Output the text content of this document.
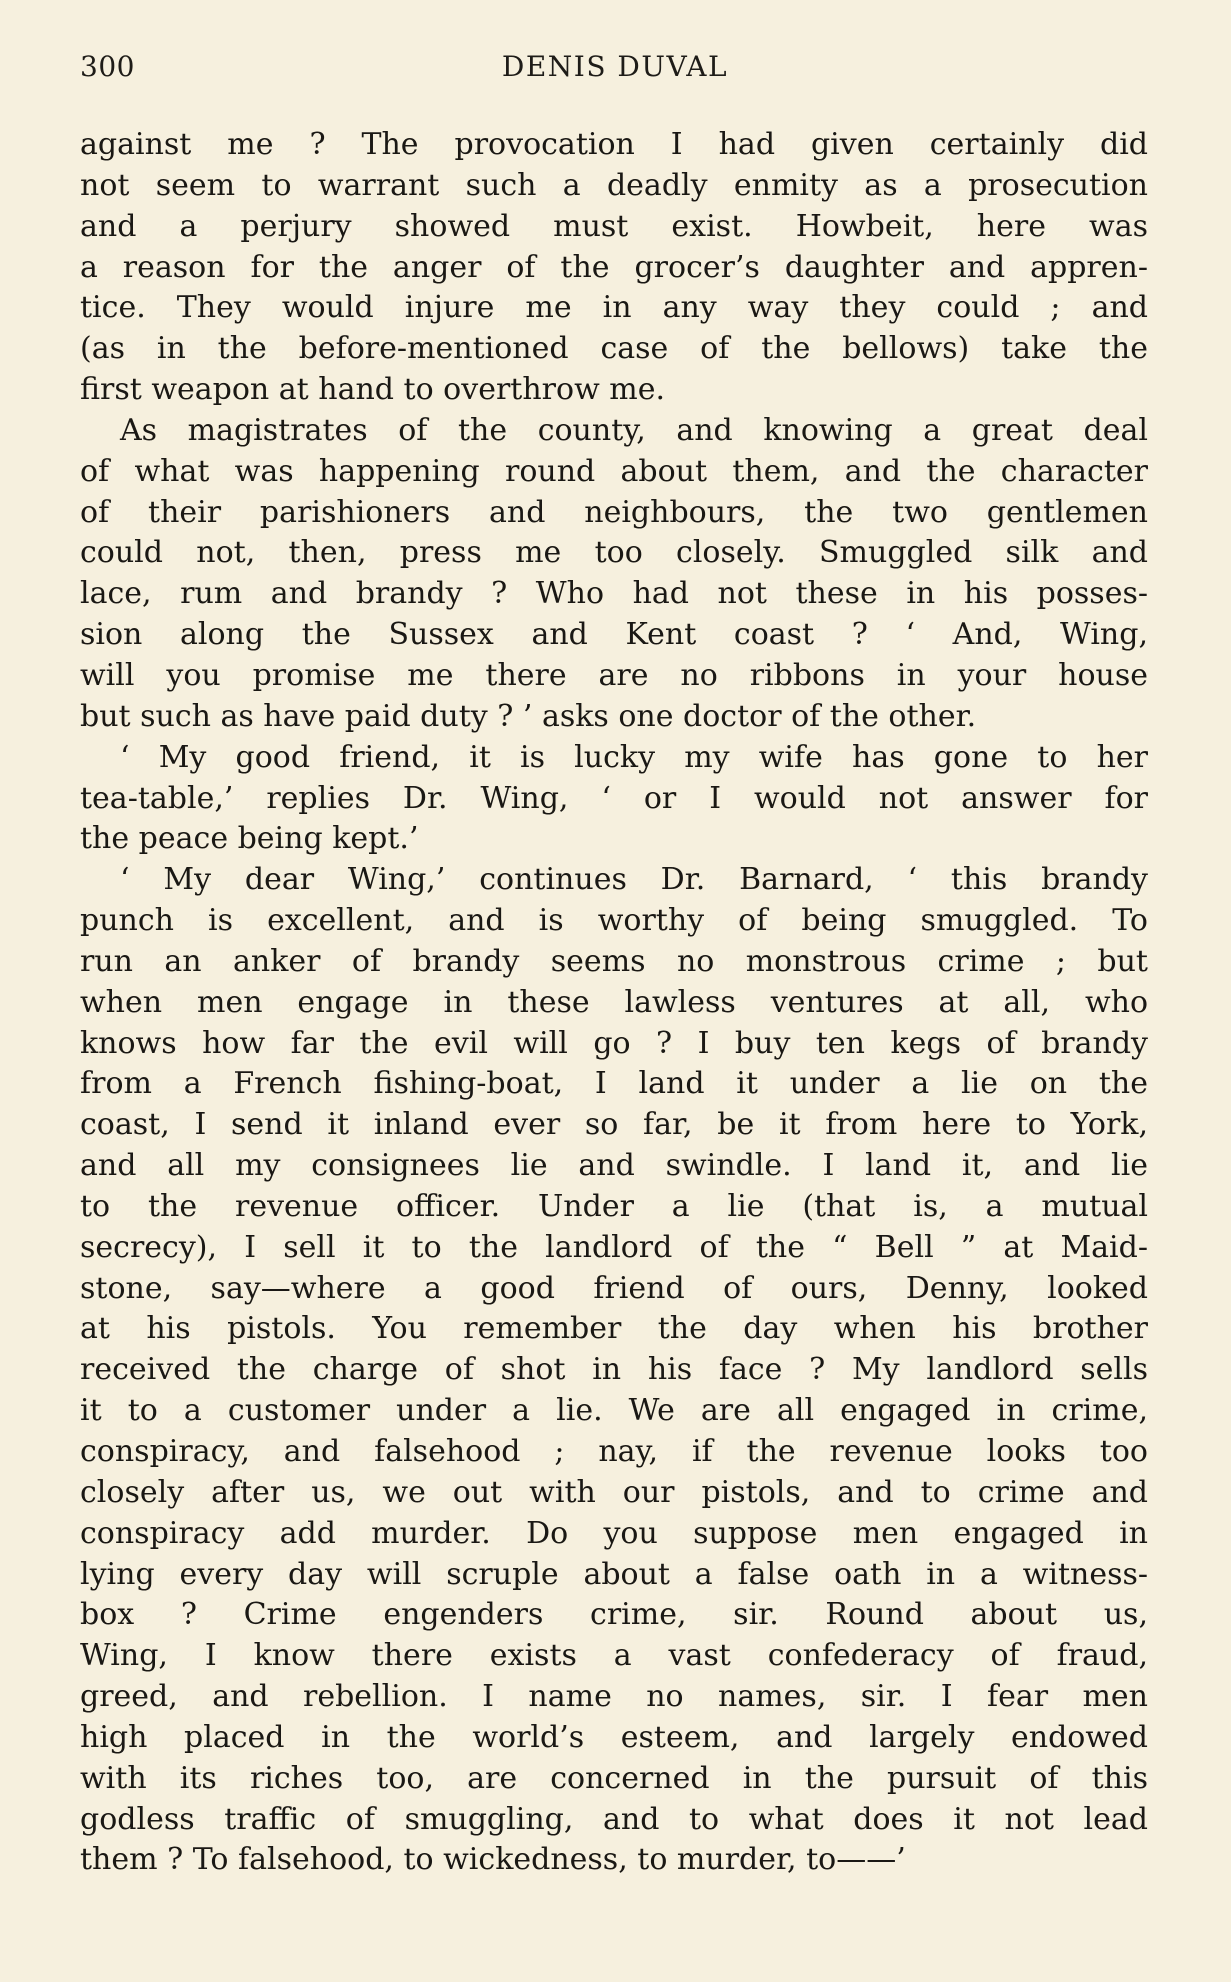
300	DENIS DUVAL
against me ? The provocation I had given certainly did
not seem to warrant such a deadly enmity as a prosecution
and a perjury showed must exist. Howbeit, here was
a reason for the anger of the grocer’s daughter and appren-
tice. They would injure me in any way they could ; and
(as in the before-mentioned case of the bellows) take the
first weapon at hand to overthrow me.
As magistrates of the county, and knowing a great deal
of what was happening round about them, and the character
of their parishioners and neighbours, the two gentlemen
could not, then, press me too closely. Smuggled silk and
lace, rum and brandy ? Who had not these in his posses-
sion along the Sussex and Kent coast ? ‘ And, Wing,
will you promise me there are no ribbons in your house
but such as have paid duty ? ’ asks one doctor of the other.
‘ My good friend, it is lucky my wife has gone to her
tea-table,’ replies Dr. Wing, ‘ or I would not answer for
the peace being kept.’
‘ My dear Wing,’ continues Dr. Barnard, ‘ this brandy
punch is excellent, and is worthy of being smuggled. To
run an anker of brandy seems no monstrous crime ; but
when men engage in these lawless ventures at all, who
knows how far the evil will go ? I buy ten kegs of brandy
from a French fishing-boat, I land it under a lie on the
coast, I send it inland ever so far, be it from here to York,
and all my consignees lie and swindle. I land it, and lie
to the revenue officer. Under a lie (that is, a mutual
secrecy), I sell it to the landlord of the “ Bell ” at Maid-
stone, say—where a good friend of ours, Denny, looked
at his pistols. You remember the day when his brother
received the charge of shot in his face ? My landlord sells
it to a customer under a lie. We are all engaged in crime,
conspiracy, and falsehood ; nay, if the revenue looks too
closely after us, we out with our pistols, and to crime and
conspiracy add murder. Do you suppose men engaged in
lying every day will scruple about a false oath in a witness-
box ? Crime engenders crime, sir. Round about us,
Wing, I know there exists a vast confederacy of fraud,
greed, and rebellion. I name no names, sir. I fear men
high placed in the world’s esteem, and largely endowed
with its riches too, are concerned in the pursuit of this
godless traffic of smuggling, and to what does it not lead
them ? To falsehood, to wickedness, to murder, to——’
